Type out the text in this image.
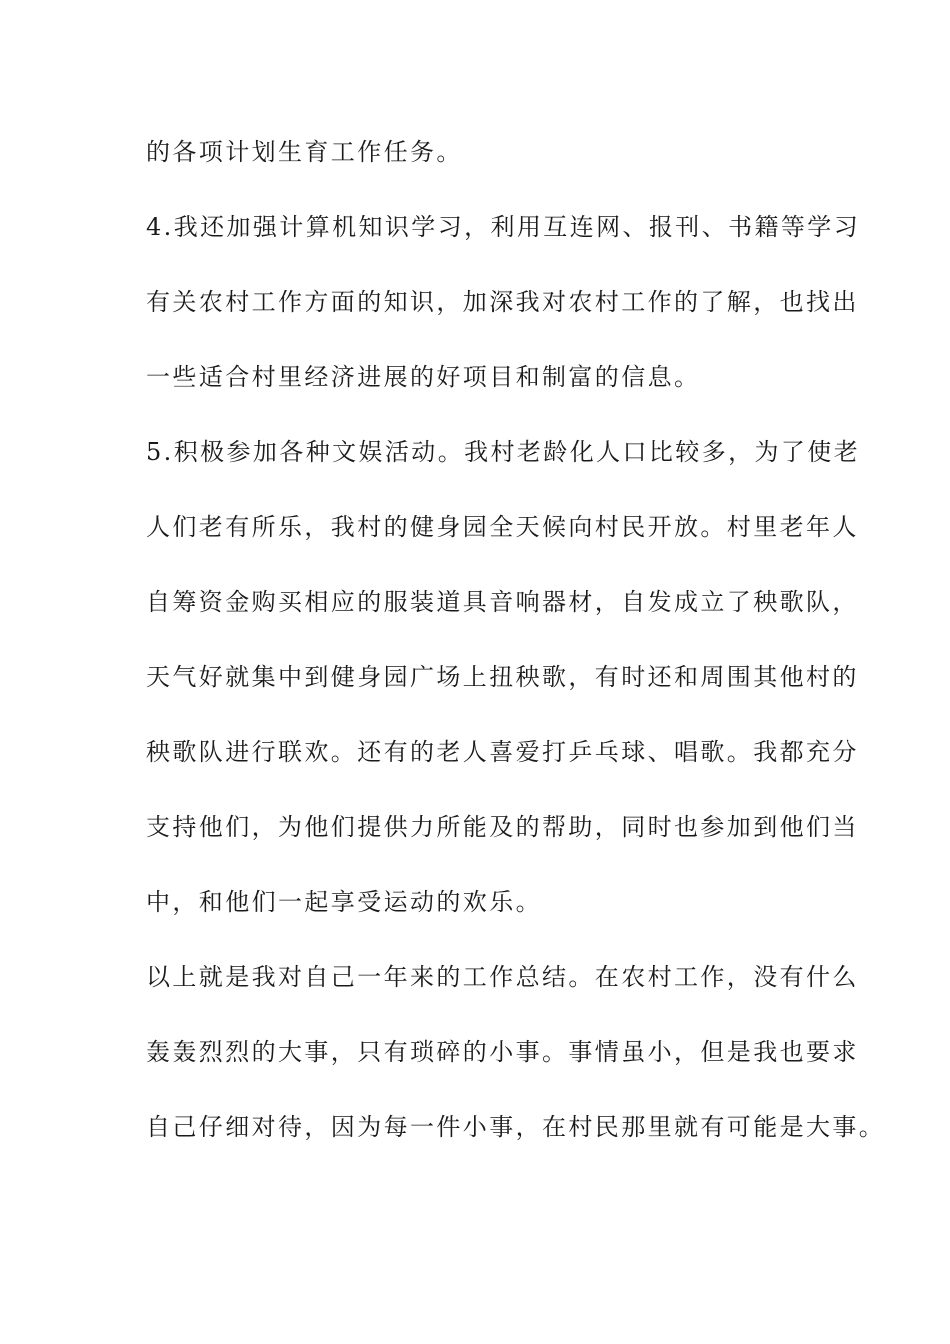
的各项计划生育工作任务。
4.我还加强计算机知识学习，利用互连网、报刊、书籍等学习
有关农村工作方面的知识，加深我对农村工作的了解，也找出
一些适合村里经济进展的好项目和制富的信息。
5.积极参加各种文娱活动。我村老龄化人口比较多，为了使老
人们老有所乐，我村的健身园全天候向村民开放。村里老年人
自筹资金购买相应的服装道具音响器材，自发成立了秧歌队，
天气好就集中到健身园广场上扭秧歌，有时还和周围其他村的
秧歌队进行联欢。还有的老人喜爱打乒乓球、唱歌。我都充分
支持他们，为他们提供力所能及的帮助，同时也参加到他们当
中，和他们一起享受运动的欢乐。
以上就是我对自己一年来的工作总结。在农村工作，没有什么
轰轰烈烈的大事，只有琐碎的小事。事情虽小，但是我也要求
自己仔细对待，因为每一件小事，在村民那里就有可能是大事。
